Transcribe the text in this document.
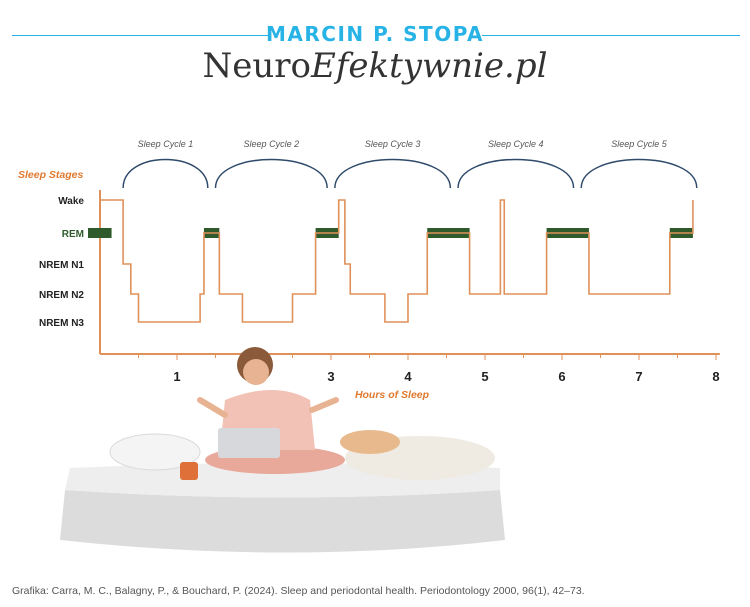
MARCIN P. STOPA
NeuroEfektywnie.pl
Sleep Stages
Wake
REM
NREM N1
NREM N2
NREM N3
1	3	4	5	6	7	8
Hours of Sleep
Sleep Cycle 1	Sleep Cycle 2	Sleep Cycle 3	Sleep Cycle 4	Sleep Cycle 5
Grafika: Carra, M. C., Balagny, P., & Bouchard, P. (2024). Sleep and periodontal health. Periodontology 2000, 96(1), 42–73.
